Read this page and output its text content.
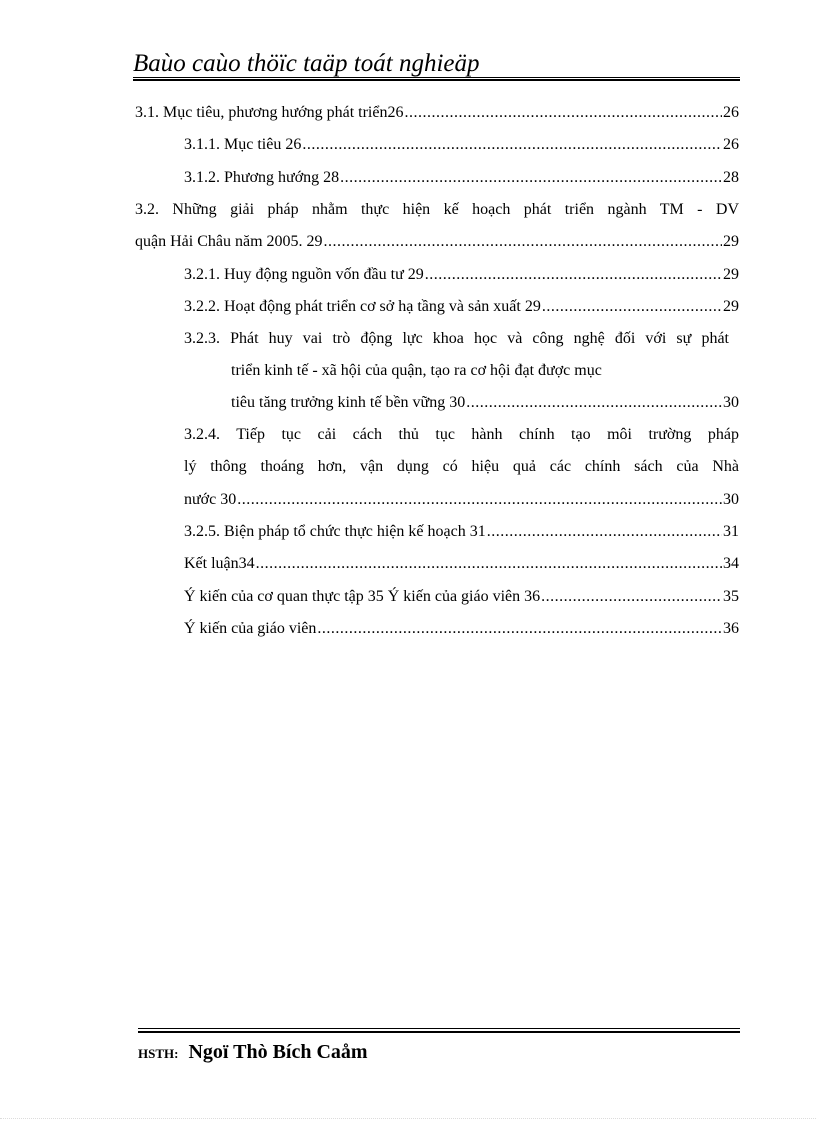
Baùo caùo thöïc taäp toát nghieäp
3.1. Mục tiêu, phương hướng phát triển26 .....	26
3.1.1. Mục tiêu 26 .....	26
3.1.2. Phương hướng 28 .....	28
3.2. Những giải pháp nhằm thực hiện kế hoạch phát triển ngành TM - DV
quận Hải Châu năm 2005. 29 .....	29
3.2.1. Huy động nguồn vốn đầu tư 29 .....	29
3.2.2. Hoạt động phát triển cơ sở hạ tầng và sản xuất 29 .....	29
3.2.3. Phát huy vai trò động lực khoa học và công nghệ đối với sự phát
triển kinh tế - xã hội của quận, tạo ra cơ hội đạt được mục
tiêu tăng trưởng kinh tế bền vững 30 .....	30
3.2.4. Tiếp tục cải cách thủ tục hành chính tạo môi trường pháp
lý thông thoáng hơn, vận dụng có hiệu quả các chính sách của Nhà
nước 30 .....	30
3.2.5. Biện pháp tổ chức thực hiện kế hoạch 31 .....	31
Kết luận34 .....	34
Ý kiến của cơ quan thực tập 35 Ý kiến của giáo viên 36 .....	35
Ý kiến của giáo viên .....	36
HSTH: Ngoï Thò Bích Caåm
